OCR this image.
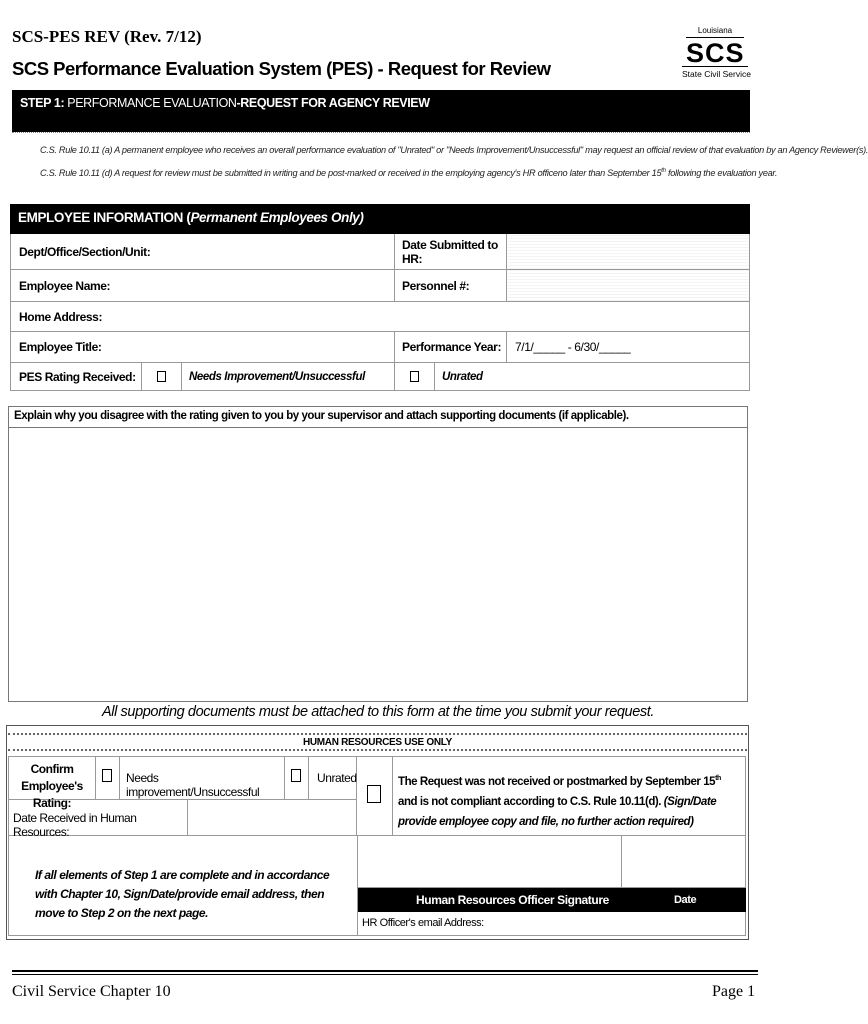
SCS-PES REV (Rev. 7/12)
SCS Performance Evaluation System (PES) - Request for Review
Louisiana
SCS
State Civil Service
STEP 1: PERFORMANCE EVALUATION-REQUEST FOR AGENCY REVIEW
C.S. Rule 10.11 (a) A permanent employee who receives an overall performance evaluation of "Unrated" or "Needs Improvement/Unsuccessful" may request an official review of that evaluation by an Agency Reviewer(s).
C.S. Rule 10.11 (d) A request for review must be submitted in writing and be post-marked or received in the employing agency's HR officeno later than September 15th following the evaluation year.
EMPLOYEE INFORMATION (Permanent Employees Only)
Dept/Office/Section/Unit:	Date Submitted to HR:
Employee Name:	Personnel #:
Home Address:
Employee Title:	Performance Year:	7/1/_____ - 6/30/_____
PES Rating Received:	Needs Improvement/Unsuccessful	Unrated
Explain why you disagree with the rating given to you by your supervisor and attach supporting documents (if applicable).
All supporting documents must be attached to this form at the time you submit your request.
HUMAN RESOURCES USE ONLY
Confirm
Employee's Rating:
Needs improvement/Unsuccessful
Unrated
Date Received in Human Resources:
The Request was not received or postmarked by September 15th and is not compliant according to C.S. Rule 10.11(d). (Sign/Date provide employee copy and file, no further action required)
If all elements of Step 1 are complete and in accordance with Chapter 10, Sign/Date/provide email address, then move to Step 2 on the next page.
Human Resources Officer Signature	Date
HR Officer's email Address:
Civil Service Chapter 10	Page 1
